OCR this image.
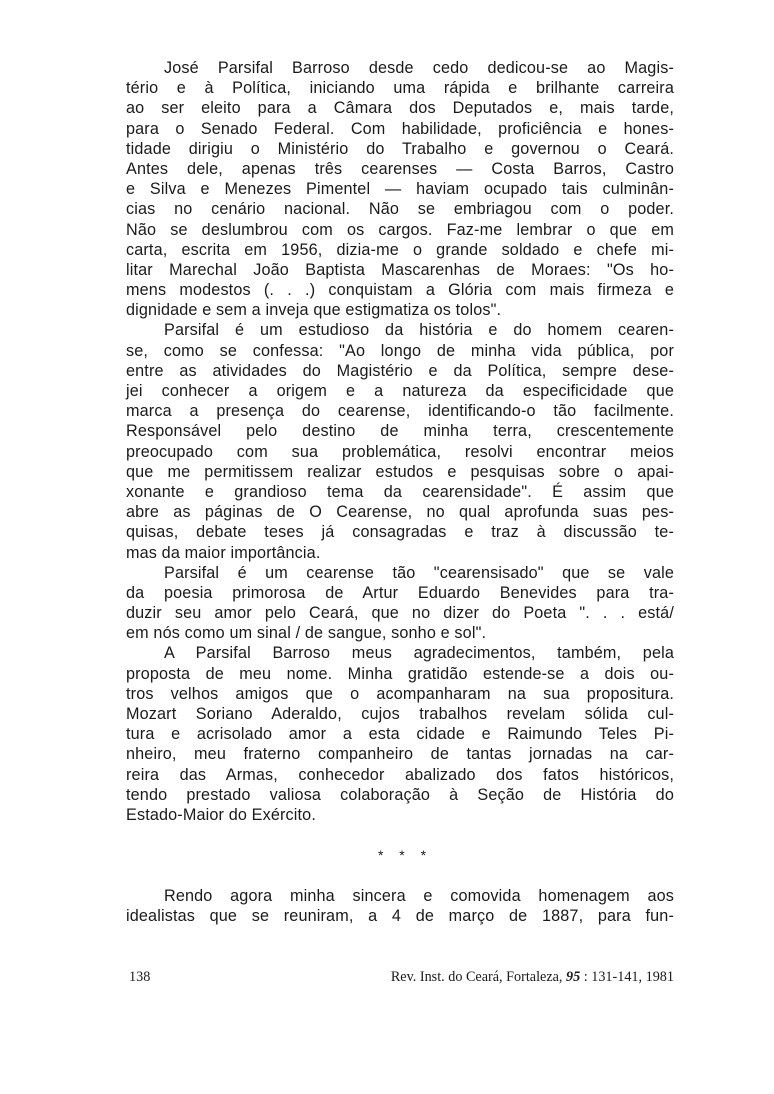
José Parsifal Barroso desde cedo dedicou-se ao Magis-
tério e à Política, iniciando uma rápida e brilhante carreira
ao ser eleito para a Câmara dos Deputados e, mais tarde,
para o Senado Federal. Com habilidade, proficiência e hones-
tidade dirigiu o Ministério do Trabalho e governou o Ceará.
Antes dele, apenas três cearenses — Costa Barros, Castro
e Silva e Menezes Pimentel — haviam ocupado tais culminân-
cias no cenário nacional. Não se embriagou com o poder.
Não se deslumbrou com os cargos. Faz-me lembrar o que em
carta, escrita em 1956, dizia-me o grande soldado e chefe mi-
litar Marechal João Baptista Mascarenhas de Moraes: "Os ho-
mens modestos (. . .) conquistam a Glória com mais firmeza e
dignidade e sem a inveja que estigmatiza os tolos".
Parsifal é um estudioso da história e do homem cearen-
se, como se confessa: "Ao longo de minha vida pública, por
entre as atividades do Magistério e da Política, sempre dese-
jei conhecer a origem e a natureza da especificidade que
marca a presença do cearense, identificando-o tão facilmente.
Responsável pelo destino de minha terra, crescentemente
preocupado com sua problemática, resolvi encontrar meios
que me permitissem realizar estudos e pesquisas sobre o apai-
xonante e grandioso tema da cearensidade". É assim que
abre as páginas de O Cearense, no qual aprofunda suas pes-
quisas, debate teses já consagradas e traz à discussão te-
mas da maior importância.
Parsifal é um cearense tão "cearensisado" que se vale
da poesia primorosa de Artur Eduardo Benevides para tra-
duzir seu amor pelo Ceará, que no dizer do Poeta ". . . está/
em nós como um sinal / de sangue, sonho e sol".
A Parsifal Barroso meus agradecimentos, também, pela
proposta de meu nome. Minha gratidão estende-se a dois ou-
tros velhos amigos que o acompanharam na sua propositura.
Mozart Soriano Aderaldo, cujos trabalhos revelam sólida cul-
tura e acrisolado amor a esta cidade e Raimundo Teles Pi-
nheiro, meu fraterno companheiro de tantas jornadas na car-
reira das Armas, conhecedor abalizado dos fatos históricos,
tendo prestado valiosa colaboração à Seção de História do
Estado-Maior do Exército.
* * *
Rendo agora minha sincera e comovida homenagem aos
idealistas que se reuniram, a 4 de março de 1887, para fun-
138	Rev. Inst. do Ceará, Fortaleza, 95 : 131-141, 1981
